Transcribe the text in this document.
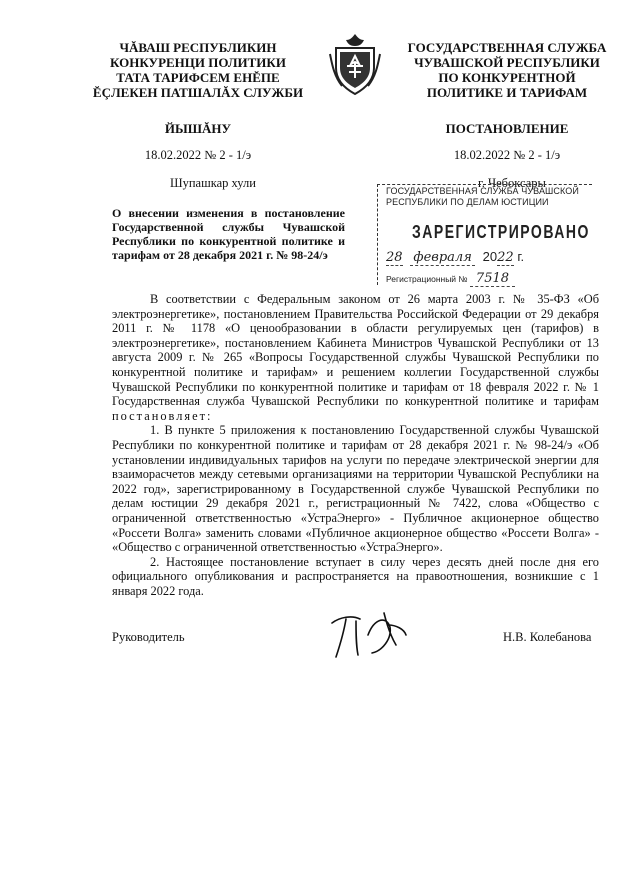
ЧĂВАШ РЕСПУБЛИКИН
КОНКУРЕНЦИ ПОЛИТИКИ
ТАТА ТАРИФСЕМ ЕНĔПЕ
ĔÇЛЕКЕН ПАТШАЛĂХ СЛУЖБИ
ГОСУДАРСТВЕННАЯ СЛУЖБА
ЧУВАШСКОЙ РЕСПУБЛИКИ
ПО КОНКУРЕНТНОЙ
ПОЛИТИКЕ И ТАРИФАМ
ЙЫШĂНУ	ПОСТАНОВЛЕНИЕ
18.02.2022 № 2 - 1/э	18.02.2022 № 2 - 1/э
Шупашкар хули	г. Чебоксары
О внесении изменения в постановление Государственной службы Чувашской Республики по конкурентной политике и тарифам от 28 декабря 2021 г. № 98-24/э
ГОСУДАРСТВЕННАЯ СЛУЖБА ЧУВАШСКОЙ РЕСПУБЛИКИ ПО ДЕЛАМ ЮСТИЦИИ
ЗАРЕГИСТРИРОВАНО
28 февраля 2022 г.
Регистрационный № 7518

В соответствии с Федеральным законом от 26 марта 2003 г. № 35-ФЗ «Об электроэнергетике», постановлением Правительства Российской Федерации от 29 декабря 2011 г. № 1178 «О ценообразовании в области регулируемых цен (тарифов) в электроэнергетике», постановлением Кабинета Министров Чувашской Республики от 13 августа 2009 г. № 265 «Вопросы Государственной службы Чувашской Республики по конкурентной политике и тарифам» и решением коллегии Государственной службы Чувашской Республики по конкурентной политике и тарифам от 18 февраля 2022 г. № 1 Государственная служба Чувашской Республики по конкурентной политике и тарифам постановляет:

1. В пункте 5 приложения к постановлению Государственной службы Чувашской Республики по конкурентной политике и тарифам от 28 декабря 2021 г. № 98-24/э «Об установлении индивидуальных тарифов на услуги по передаче электрической энергии для взаиморасчетов между сетевыми организациями на территории Чувашской Республики на 2022 год», зарегистрированному в Государственной службе Чувашской Республики по делам юстиции 29 декабря 2021 г., регистрационный № 7422, слова «Общество с ограниченной ответственностью «УстраЭнерго» - Публичное акционерное общество «Россети Волга» заменить словами «Публичное акционерное общество «Россети Волга» - «Общество с ограниченной ответственностью «УстраЭнерго».

2. Настоящее постановление вступает в силу через десять дней после дня его официального опубликования и распространяется на правоотношения, возникшие с 1 января 2022 года.

Руководитель	Н.В. Колебанова
